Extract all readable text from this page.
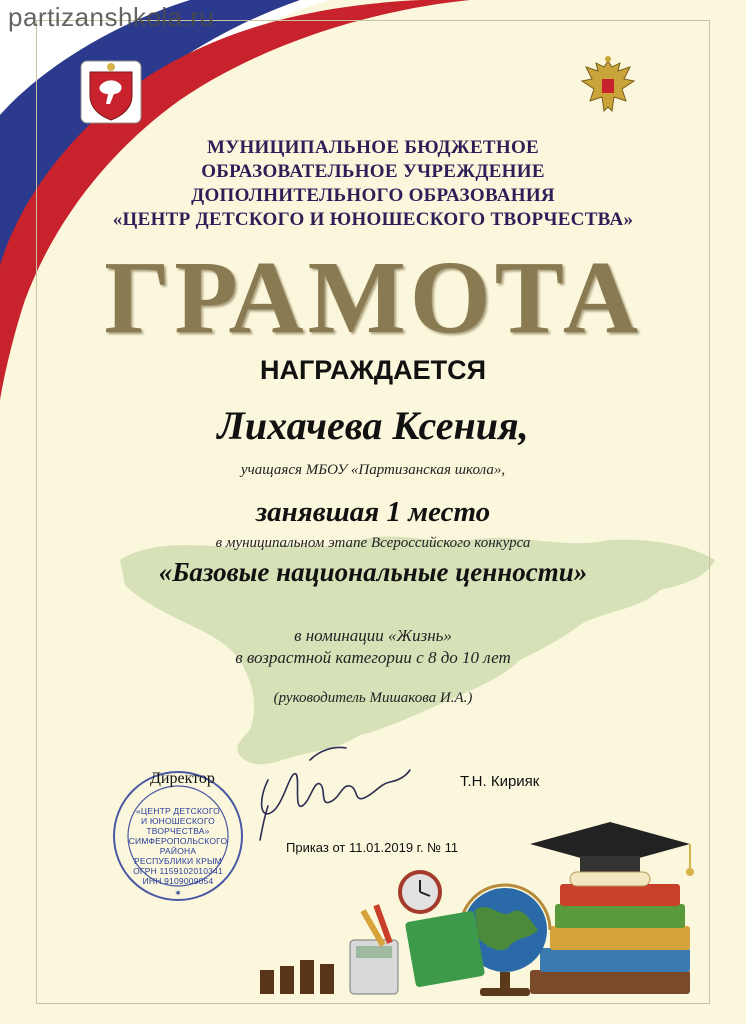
partizanshkola.ru
МУНИЦИПАЛЬНОЕ БЮДЖЕТНОЕ
ОБРАЗОВАТЕЛЬНОЕ УЧРЕЖДЕНИЕ
ДОПОЛНИТЕЛЬНОГО ОБРАЗОВАНИЯ
«ЦЕНТР ДЕТСКОГО И ЮНОШЕСКОГО ТВОРЧЕСТВА»
ГРАМОТА
НАГРАЖДАЕТСЯ
Лихачева Ксения,
учащаяся МБОУ «Партизанская школа»,
занявшая 1 место
в муниципальном этапе Всероссийского конкурса
«Базовые национальные ценности»
в номинации «Жизнь»
в возрастной категории с 8 до 10 лет
(руководитель Мишакова И.А.)
✶
«ЦЕНТР ДЕТСКОГО
И ЮНОШЕСКОГО
ТВОРЧЕСТВА»
СИМФЕРОПОЛЬСКОГО
РАЙОНА
РЕСПУБЛИКИ КРЫМ
ОГРН 1159102010341
ИНН 9109009054
Директор	Т.Н. Кирияк
Приказ от 11.01.2019 г. № 11
